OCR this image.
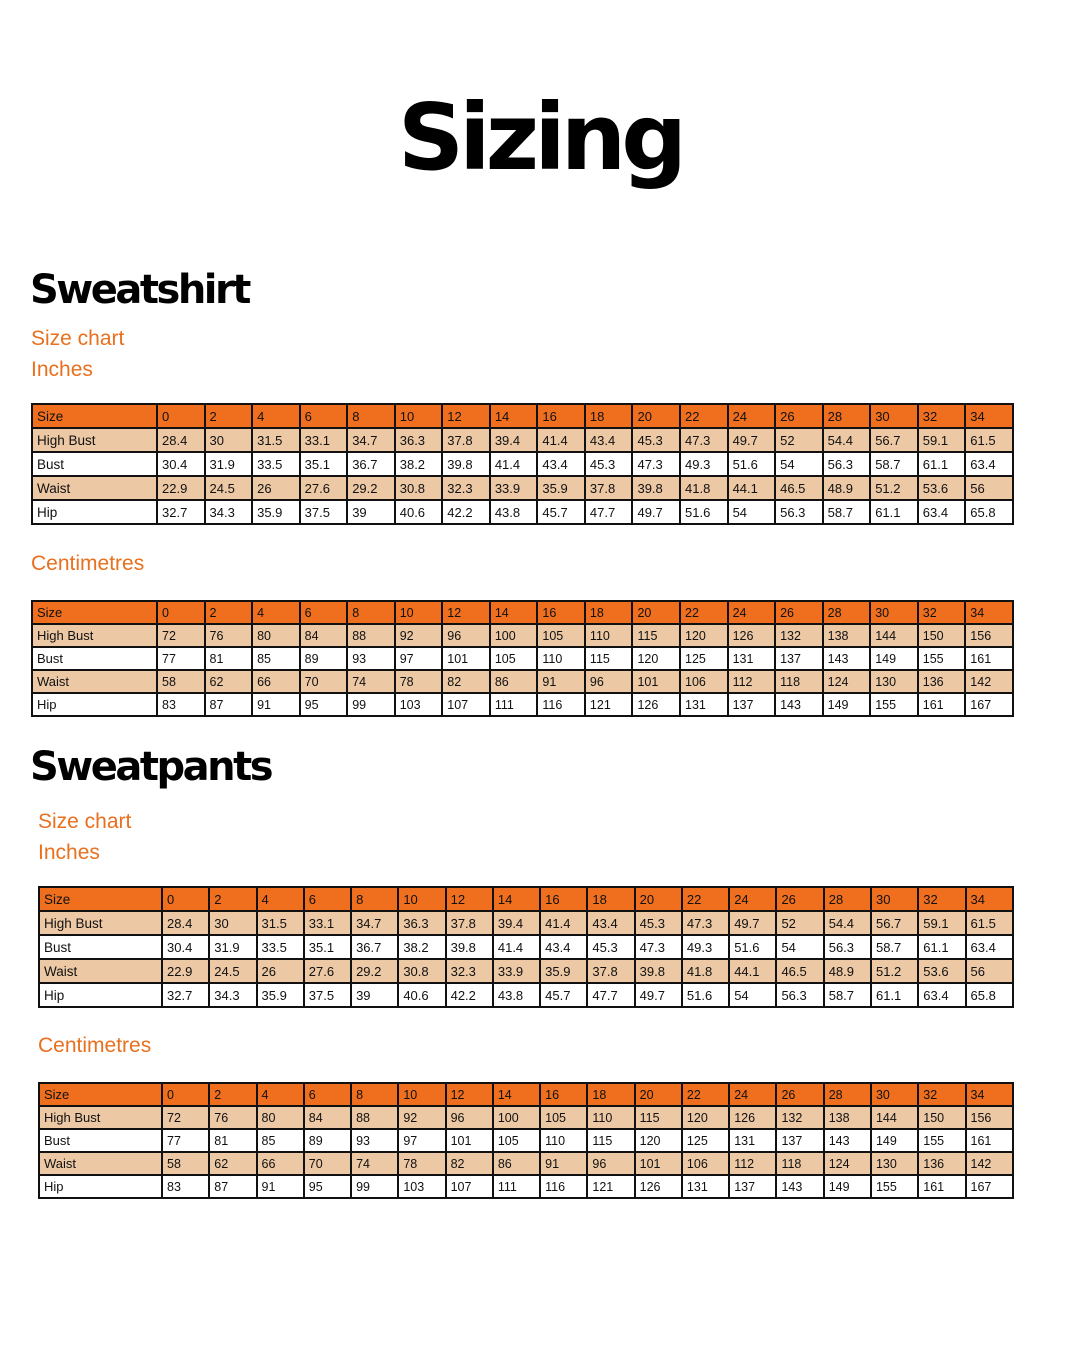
Sizing
Sweatshirt
Size chart
Inches
Size	0	2	4	6	8	10	12	14	16	18	20	22	24	26	28	30	32	34
High Bust	28.4	30	31.5	33.1	34.7	36.3	37.8	39.4	41.4	43.4	45.3	47.3	49.7	52	54.4	56.7	59.1	61.5
Bust	30.4	31.9	33.5	35.1	36.7	38.2	39.8	41.4	43.4	45.3	47.3	49.3	51.6	54	56.3	58.7	61.1	63.4
Waist	22.9	24.5	26	27.6	29.2	30.8	32.3	33.9	35.9	37.8	39.8	41.8	44.1	46.5	48.9	51.2	53.6	56
Hip	32.7	34.3	35.9	37.5	39	40.6	42.2	43.8	45.7	47.7	49.7	51.6	54	56.3	58.7	61.1	63.4	65.8
Centimetres
Size	0	2	4	6	8	10	12	14	16	18	20	22	24	26	28	30	32	34
High Bust	72	76	80	84	88	92	96	100	105	110	115	120	126	132	138	144	150	156
Bust	77	81	85	89	93	97	101	105	110	115	120	125	131	137	143	149	155	161
Waist	58	62	66	70	74	78	82	86	91	96	101	106	112	118	124	130	136	142
Hip	83	87	91	95	99	103	107	111	116	121	126	131	137	143	149	155	161	167
Sweatpants
Size chart
Inches
Size	0	2	4	6	8	10	12	14	16	18	20	22	24	26	28	30	32	34
High Bust	28.4	30	31.5	33.1	34.7	36.3	37.8	39.4	41.4	43.4	45.3	47.3	49.7	52	54.4	56.7	59.1	61.5
Bust	30.4	31.9	33.5	35.1	36.7	38.2	39.8	41.4	43.4	45.3	47.3	49.3	51.6	54	56.3	58.7	61.1	63.4
Waist	22.9	24.5	26	27.6	29.2	30.8	32.3	33.9	35.9	37.8	39.8	41.8	44.1	46.5	48.9	51.2	53.6	56
Hip	32.7	34.3	35.9	37.5	39	40.6	42.2	43.8	45.7	47.7	49.7	51.6	54	56.3	58.7	61.1	63.4	65.8
Centimetres
Size	0	2	4	6	8	10	12	14	16	18	20	22	24	26	28	30	32	34
High Bust	72	76	80	84	88	92	96	100	105	110	115	120	126	132	138	144	150	156
Bust	77	81	85	89	93	97	101	105	110	115	120	125	131	137	143	149	155	161
Waist	58	62	66	70	74	78	82	86	91	96	101	106	112	118	124	130	136	142
Hip	83	87	91	95	99	103	107	111	116	121	126	131	137	143	149	155	161	167
